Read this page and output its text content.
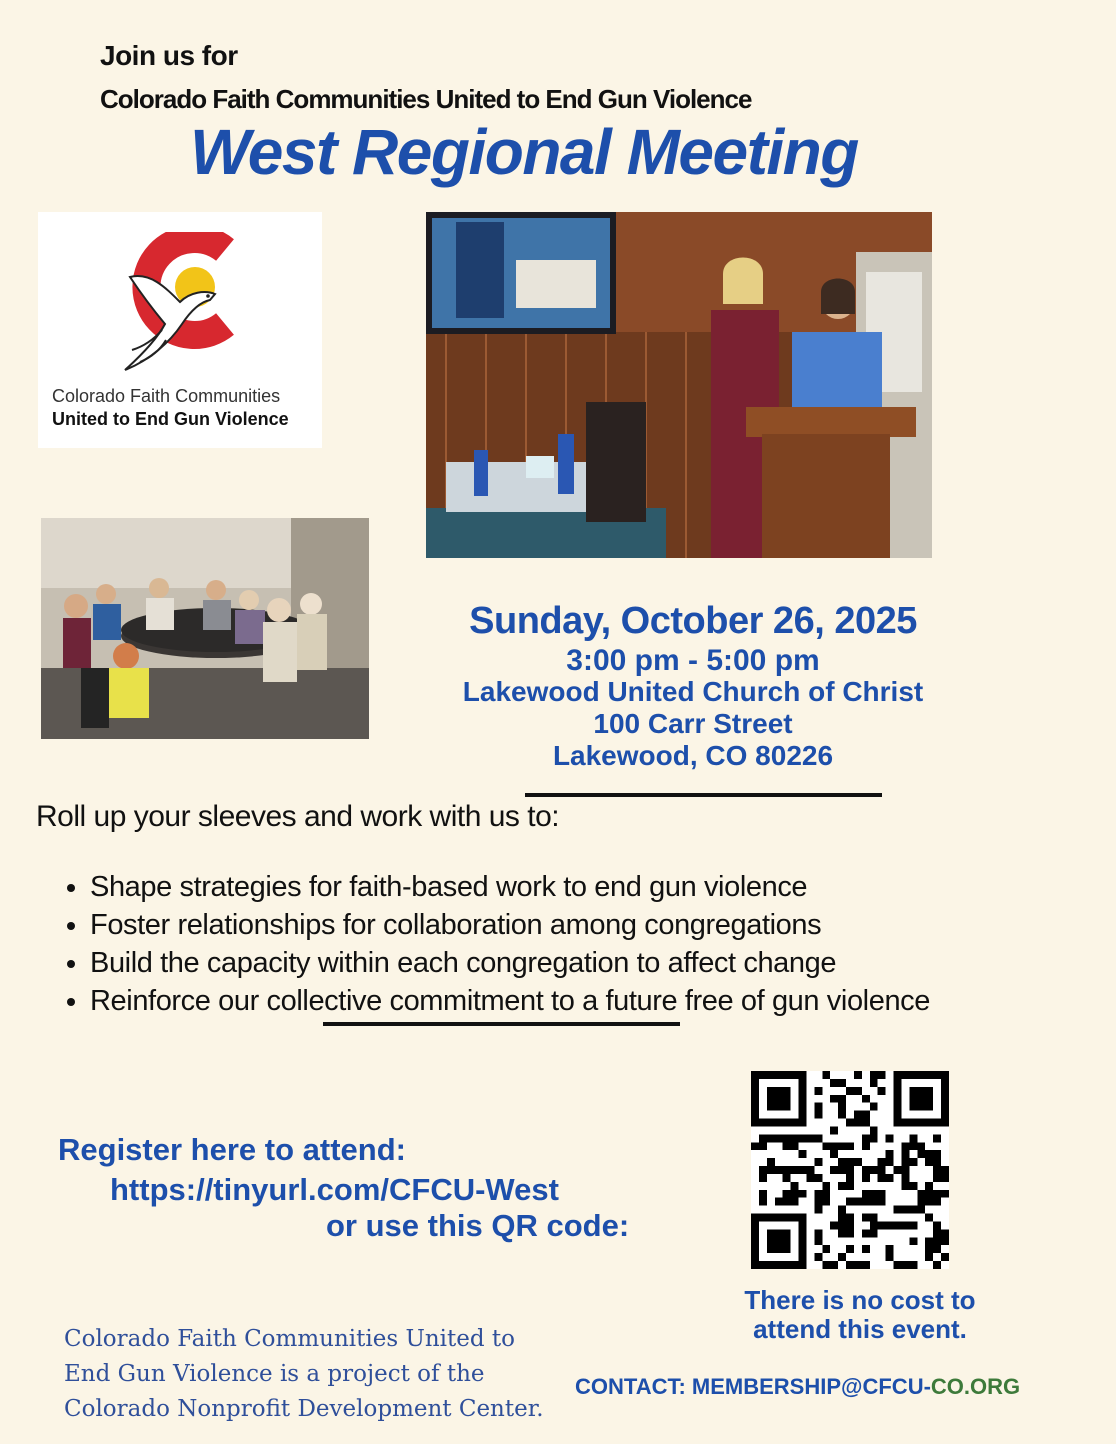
Join us for
Colorado Faith Communities United to End Gun Violence
West Regional Meeting
Colorado Faith Communities
United to End Gun Violence
Sunday, October 26, 2025
3:00 pm - 5:00 pm
Lakewood United Church of Christ
100 Carr Street
Lakewood, CO 80226
Roll up your sleeves and work with us to:
• Shape strategies for faith-based work to end gun violence
• Foster relationships for collaboration among congregations
• Build the capacity within each congregation to affect change
• Reinforce our collective commitment to a future free of gun violence
Register here to attend:
https://tinyurl.com/CFCU-West
or use this QR code:
There is no cost to attend this event.
Colorado Faith Communities United to End Gun Violence is a project of the Colorado Nonprofit Development Center.
CONTACT: MEMBERSHIP@CFCU-CO.ORG
